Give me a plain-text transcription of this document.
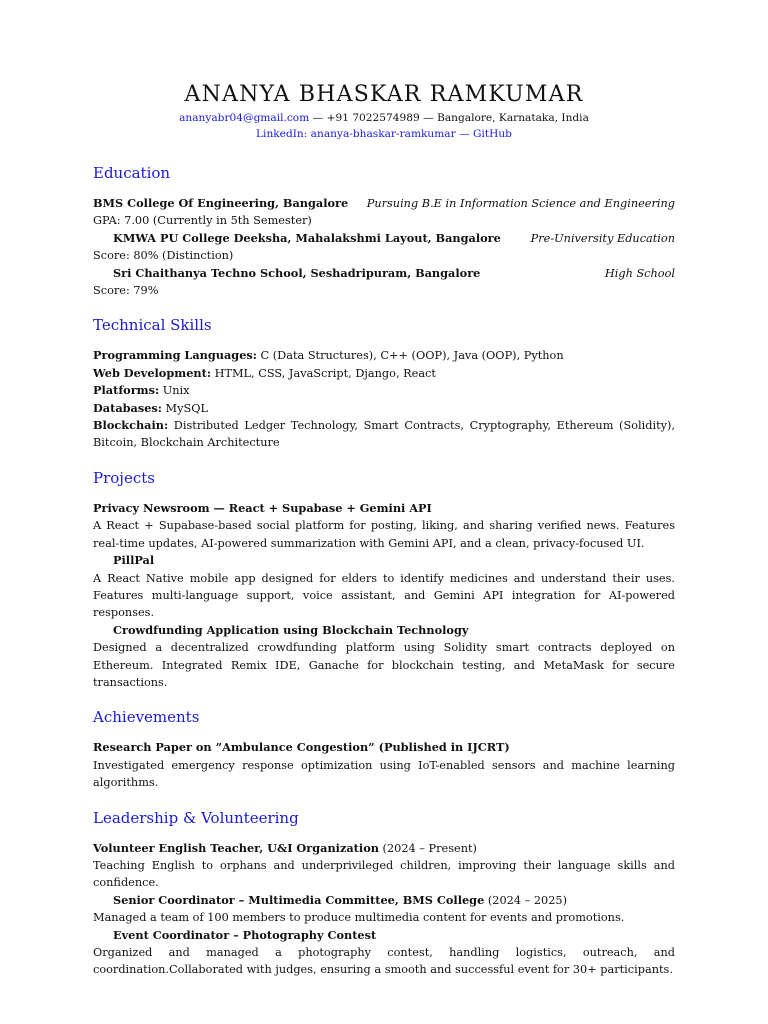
ANANYA BHASKAR RAMKUMAR
ananyabr04@gmail.com — +91 7022574989 — Bangalore, Karnataka, India
LinkedIn: ananya-bhaskar-ramkumar — GitHub
Education
BMS College Of Engineering, Bangalore Pursuing B.E in Information Science and Engineering
GPA: 7.00 (Currently in 5th Semester)
KMWA PU College Deeksha, Mahalakshmi Layout, Bangalore	Pre-University Education
Score: 80% (Distinction)
Sri Chaithanya Techno School, Seshadripuram, Bangalore	High School
Score: 79%
Technical Skills
Programming Languages: C (Data Structures), C++ (OOP), Java (OOP), Python
Web Development: HTML, CSS, JavaScript, Django, React
Platforms: Unix
Databases: MySQL
Blockchain: Distributed Ledger Technology, Smart Contracts, Cryptography, Ethereum (Solidity), Bitcoin, Blockchain Architecture
Projects
Privacy Newsroom — React + Supabase + Gemini API
A React + Supabase-based social platform for posting, liking, and sharing verified news. Features real-time updates, AI-powered summarization with Gemini API, and a clean, privacy-focused UI.
PillPal
A React Native mobile app designed for elders to identify medicines and understand their uses. Features multi-language support, voice assistant, and Gemini API integration for AI-powered responses.
Crowdfunding Application using Blockchain Technology
Designed a decentralized crowdfunding platform using Solidity smart contracts deployed on Ethereum. Integrated Remix IDE, Ganache for blockchain testing, and MetaMask for secure transactions.
Achievements
Research Paper on ”Ambulance Congestion” (Published in IJCRT)
Investigated emergency response optimization using IoT-enabled sensors and machine learning algorithms.
Leadership & Volunteering
Volunteer English Teacher, U&I Organization (2024 – Present)
Teaching English to orphans and underprivileged children, improving their language skills and confidence.
Senior Coordinator – Multimedia Committee, BMS College (2024 – 2025)
Managed a team of 100 members to produce multimedia content for events and promotions.
Event Coordinator – Photography Contest
Organized and managed a photography contest, handling logistics, outreach, and coordination.Collaborated with judges, ensuring a smooth and successful event for 30+ participants.
